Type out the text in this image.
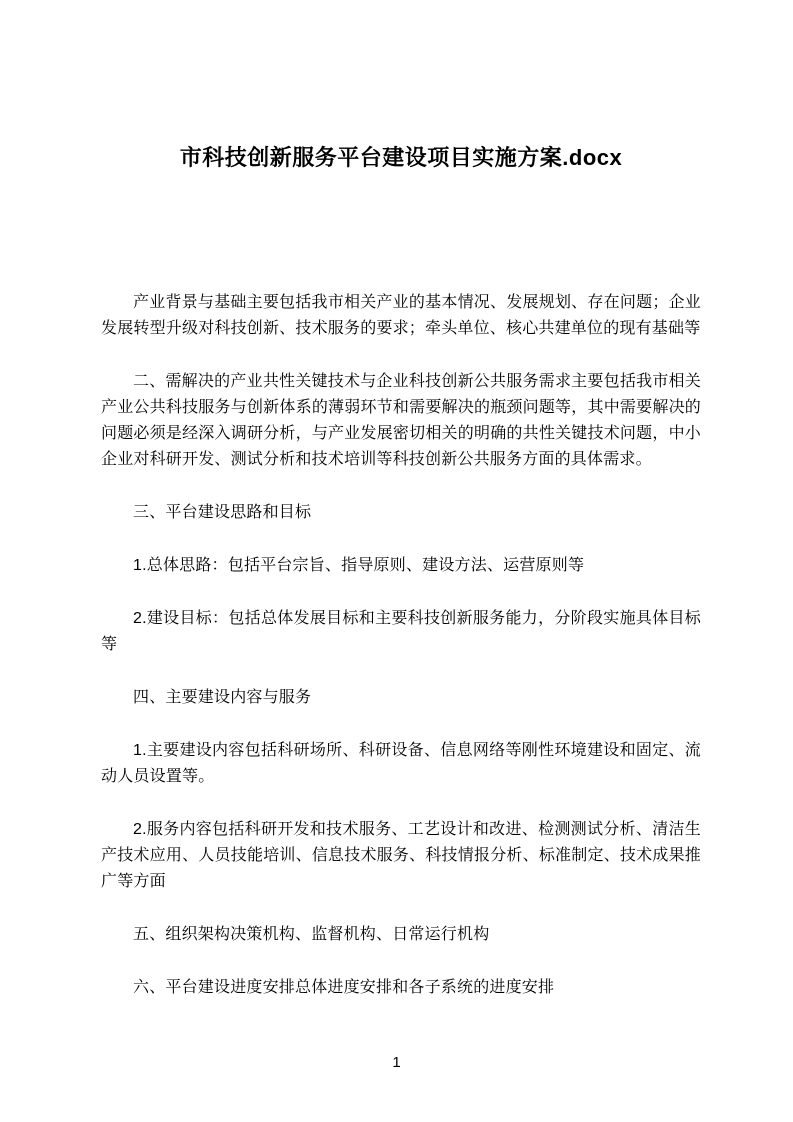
市科技创新服务平台建设项目实施方案.docx

产业背景与基础主要包括我市相关产业的基本情况、发展规划、存在问题；企业发展转型升级对科技创新、技术服务的要求；牵头单位、核心共建单位的现有基础等

二、需解决的产业共性关键技术与企业科技创新公共服务需求主要包括我市相关产业公共科技服务与创新体系的薄弱环节和需要解决的瓶颈问题等，其中需要解决的问题必须是经深入调研分析，与产业发展密切相关的明确的共性关键技术问题，中小企业对科研开发、测试分析和技术培训等科技创新公共服务方面的具体需求。

三、平台建设思路和目标

1.总体思路：包括平台宗旨、指导原则、建设方法、运营原则等

2.建设目标：包括总体发展目标和主要科技创新服务能力，分阶段实施具体目标等

四、主要建设内容与服务

1.主要建设内容包括科研场所、科研设备、信息网络等刚性环境建设和固定、流动人员设置等。

2.服务内容包括科研开发和技术服务、工艺设计和改进、检测测试分析、清洁生产技术应用、人员技能培训、信息技术服务、科技情报分析、标准制定、技术成果推广等方面

五、组织架构决策机构、监督机构、日常运行机构

六、平台建设进度安排总体进度安排和各子系统的进度安排

1
